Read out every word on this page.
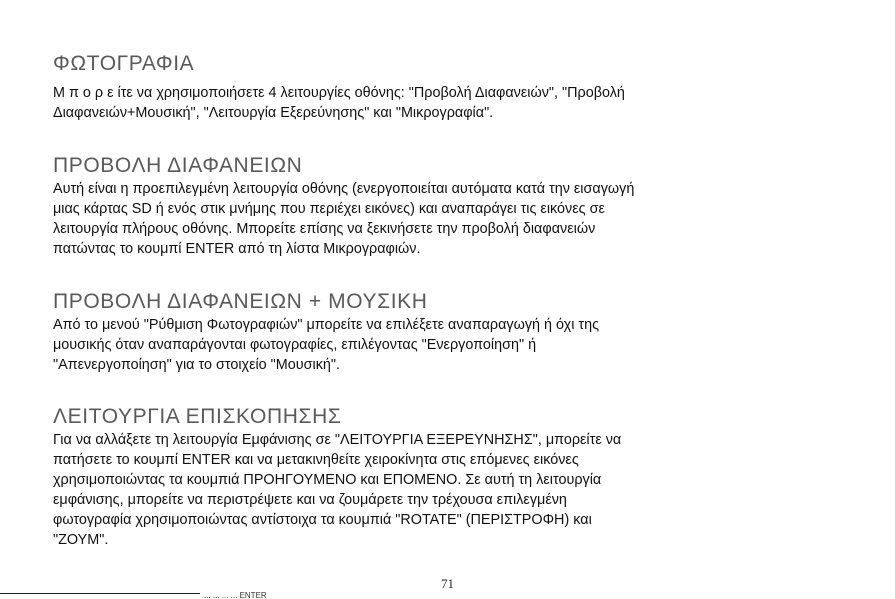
ΦΩΤΟΓΡΑΦΙΑ

Μ π ο ρ ε ίτε να χρησιμοποιήσετε 4 λειτουργίες οθόνης: "Προβολή Διαφανειών", "Προβολή
Διαφανειών+Μουσική", "Λειτουργία Εξερεύνησης" και "Μικρογραφία".

ΠΡΟΒΟΛΗ ΔΙΑΦΑΝΕΙΩΝ

Αυτή είναι η προεπιλεγμένη λειτουργία οθόνης (ενεργοποιείται αυτόματα κατά την εισαγωγή
μιας κάρτας SD ή ενός στικ μνήμης που περιέχει εικόνες) και αναπαράγει τις εικόνες σε
λειτουργία πλήρους οθόνης. Μπορείτε επίσης να ξεκινήσετε την προβολή διαφανειών
πατώντας το κουμπί ENTER από τη λίστα Μικρογραφιών.

ΠΡΟΒΟΛΗ ΔΙΑΦΑΝΕΙΩΝ + ΜΟΥΣΙΚΗ

Από το μενού "Ρύθμιση Φωτογραφιών" μπορείτε να επιλέξετε αναπαραγωγή ή όχι της
μουσικής όταν αναπαράγονται φωτογραφίες, επιλέγοντας "Ενεργοποίηση" ή
"Απενεργοποίηση" για το στοιχείο "Μουσική".

ΛΕΙΤΟΥΡΓΙΑ ΕΠΙΣΚΟΠΗΣΗΣ

Για να αλλάξετε τη λειτουργία Εμφάνισης σε "ΛΕΙΤΟΥΡΓΙΑ ΕΞΕΡΕΥΝΗΣΗΣ", μπορείτε να
πατήσετε το κουμπί ENTER και να μετακινηθείτε χειροκίνητα στις επόμενες εικόνες
χρησιμοποιώντας τα κουμπιά ΠΡΟΗΓΟΥΜΕΝΟ και ΕΠΟΜΕΝΟ. Σε αυτή τη λειτουργία
εμφάνισης, μπορείτε να περιστρέψετε και να ζουμάρετε την τρέχουσα επιλεγμένη
φωτογραφία χρησιμοποιώντας αντίστοιχα τα κουμπιά "ROTATE" (ΠΕΡΙΣΤΡΟΦΗ) και
"ΖΟΥΜ".

71
... ... ... ... ENTER
